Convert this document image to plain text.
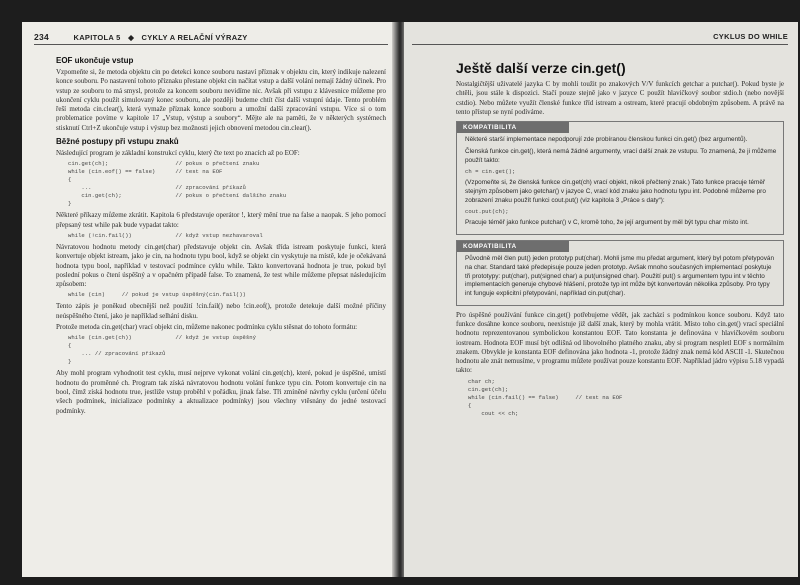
234	KAPITOLA 5 ◆ CYKLY A RELAČNÍ VÝRAZY
EOF ukončuje vstup

Vzpomeňte si, že metoda objektu cin po detekci konce souboru nastaví příznak v objektu cin, který indikuje nalezení konce souboru. Po nastavení tohoto příznaku přestane objekt cin načítat vstup a další volání nemají žádný účinek. Pro vstup ze souboru to má smysl, protože za koncem souboru nevidíme nic. Avšak při vstupu z klávesnice můžeme pro ukončení cyklu použít simulovaný konec souboru, ale později budeme chtít číst další vstupní údaje. Tento problém řeší metoda cin.clear(), která vymaže příznak konce souboru a umožní další zpracování vstupu. Více si o tom problematice povíme v kapitole 17 „Vstup, výstup a soubory“. Mějte ale na paměti, že v některých systémech stisknutí Ctrl+Z ukončuje vstup i výstup bez možnosti jejich obnovení metodou cin.clear().

Běžné postupy při vstupu znaků

Následující program je základní konstrukcí cyklu, který čte text po znacích až po EOF:

cin.get(ch);                    // pokus o přečtení znaku
while (cin.eof() == false)      // test na EOF
{
...                         // zpracování příkazů
cin.get(ch);                // pokus o přečtení dalšího znaku
}

Některé příkazy můžeme zkrátit. Kapitola 6 představuje operátor !, který mění true na false a naopak. S jeho pomocí přepsaný test while pak bude vypadat takto:

while (!cin.fail())             // když vstup nezhavaroval

Návratovou hodnotu metody cin.get(char) představuje objekt cin. Avšak třída istream poskytuje funkci, která konvertuje objekt istream, jako je cin, na hodnotu typu bool, když se objekt cin vyskytuje na místě, kde je očekávaná hodnota typu bool, například v testovací podmínce cyklu while. Takto konvertovaná hodnota je true, pokud byl poslední pokus o čtení úspěšný a v opačném případě false. To znamená, že test while můžeme přepsat následujícím způsobem:

while (cin)     // pokud je vstup úspěšný(cin.fail())

Tento zápis je poněkud obecnější než použití !cin.fail() nebo !cin.eof(), protože detekuje další možné příčiny neúspěšného čtení, jako je například selhání disku.

Protože metoda cin.get(char) vrací objekt cin, můžeme nakonec podmínku cyklu stěsnat do tohoto formátu:

while (cin.get(ch))             // když je vstup úspěšný
{
... // zpracování příkazů
}

Aby mohl program vyhodnotit test cyklu, musí nejprve vykonat volání cin.get(ch), které, pokud je úspěšné, umístí hodnotu do proměnné ch. Program tak získá návratovou hodnotu volání funkce typu cin. Potom konvertuje cin na bool, čímž získá hodnotu true, jestliže vstup proběhl v pořádku, jinak false. Tři zmíněné návrhy cyklu (určení účelu všech podmínek, inicializace podmínky a aktualizace podmínky) jsou všechny vtěsnány do jedné testovací podmínky.

CYKLUS DO WHILE
Ještě další verze cin.get()

Nostalgičtější uživatelé jazyka C by mohli toužit po znakových V/V funkcích getchar a putchar(). Pokud byste je chtěli, jsou stále k dispozici. Stačí pouze stejně jako v jazyce C použít hlavičkový soubor stdio.h (nebo novější cstdio). Nebo můžete využít členské funkce tříd istream a ostream, které pracují obdobným způsobem. A právě na tento přístup se nyní podíváme.

KOMPATIBILITA

Některé starší implementace nepodporují zde probíranou členskou funkci cin.get() (bez argumentů).

Členská funkce cin.get(), která nemá žádné argumenty, vrací další znak ze vstupu. To znamená, že ji můžeme použít takto:

ch = cin.get();

(Vzpomeňte si, že členská funkce cin.get(ch) vrací objekt, nikoli přečtený znak.) Tato funkce pracuje téměř stejným způsobem jako getchar() v jazyce C, vrací kód znaku jako hodnotu typu int. Podobně můžeme pro zobrazení znaku použít funkci cout.put() (viz kapitola 3 „Práce s daty“):

cout.put(ch);

Pracuje téměř jako funkce putchar() v C, kromě toho, že její argument by měl být typu char místo int.

KOMPATIBILITA

Původně měl člen put() jeden prototyp put(char). Mohli jsme mu předat argument, který byl potom přetypován na char. Standard také předepisuje pouze jeden prototyp. Avšak mnoho současných implementací poskytuje tři prototypy: put(char), put(signed char) a put(unsigned char). Použití put() s argumentem typu int v těchto implementacích generuje chybové hlášení, protože typ int může být konvertován několika způsoby. Pro typy int funguje explicitní přetypování, například cin.put(char).

Pro úspěšné používání funkce cin.get() potřebujeme vědět, jak zachází s podmínkou konce souboru. Když tato funkce dosáhne konce souboru, neexistuje již další znak, který by mohla vrátit. Místo toho cin.get() vrací speciální hodnotu reprezentovanou symbolickou konstantou EOF. Tato konstanta je definována v hlavičkovém souboru iostream. Hodnota EOF musí být odlišná od libovolného platného znaku, aby si program nespletl EOF s normálním znakem. Obvykle je konstanta EOF definována jako hodnota -1, protože žádný znak nemá kód ASCII -1. Skutečnou hodnotu ale znát nemusíme, v programu můžete používat pouze konstantu EOF. Například jádro výpisu 5.18 vypadá takto:

char ch;
cin.get(ch);
while (cin.fail() == false)     // test na EOF
{
cout << ch;
